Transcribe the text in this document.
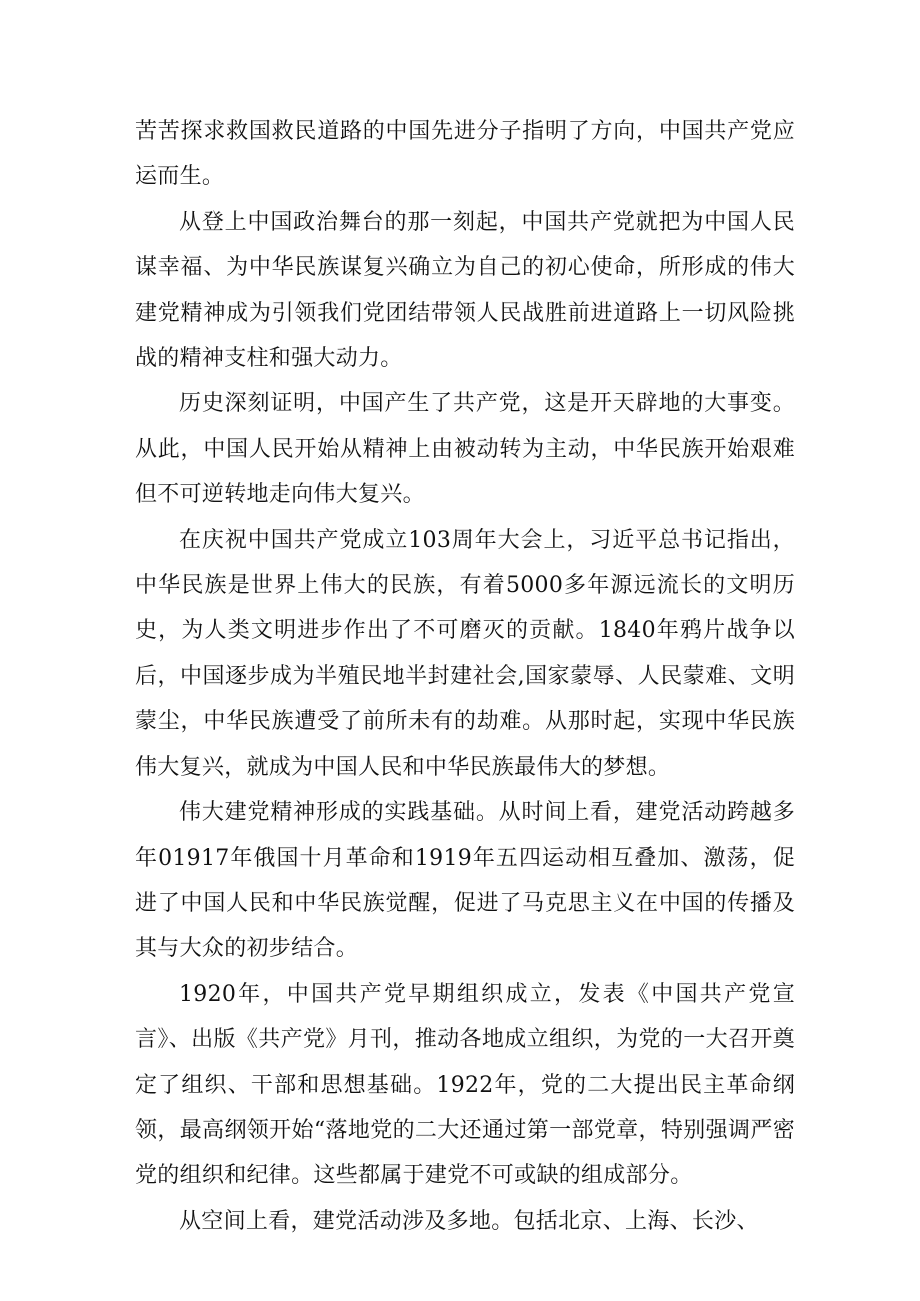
苦苦探求救国救民道路的中国先进分子指明了方向，中国共产党应运而生。

从登上中国政治舞台的那一刻起，中国共产党就把为中国人民谋幸福、为中华民族谋复兴确立为自己的初心使命，所形成的伟大建党精神成为引领我们党团结带领人民战胜前进道路上一切风险挑战的精神支柱和强大动力。

历史深刻证明，中国产生了共产党，这是开天辟地的大事变。从此，中国人民开始从精神上由被动转为主动，中华民族开始艰难但不可逆转地走向伟大复兴。

在庆祝中国共产党成立103周年大会上，习近平总书记指出，中华民族是世界上伟大的民族，有着5000多年源远流长的文明历史，为人类文明进步作出了不可磨灭的贡献。1840年鸦片战争以后，中国逐步成为半殖民地半封建社会,国家蒙辱、人民蒙难、文明蒙尘，中华民族遭受了前所未有的劫难。从那时起，实现中华民族伟大复兴，就成为中国人民和中华民族最伟大的梦想。

伟大建党精神形成的实践基础。从时间上看，建党活动跨越多年01917年俄国十月革命和1919年五四运动相互叠加、激荡，促进了中国人民和中华民族觉醒，促进了马克思主义在中国的传播及其与大众的初步结合。

1920年，中国共产党早期组织成立，发表《中国共产党宣言》、出版《共产党》月刊，推动各地成立组织，为党的一大召开奠定了组织、干部和思想基础。1922年，党的二大提出民主革命纲领，最高纲领开始“落地党的二大还通过第一部党章，特别强调严密党的组织和纪律。这些都属于建党不可或缺的组成部分。

从空间上看，建党活动涉及多地。包括北京、上海、长沙、
